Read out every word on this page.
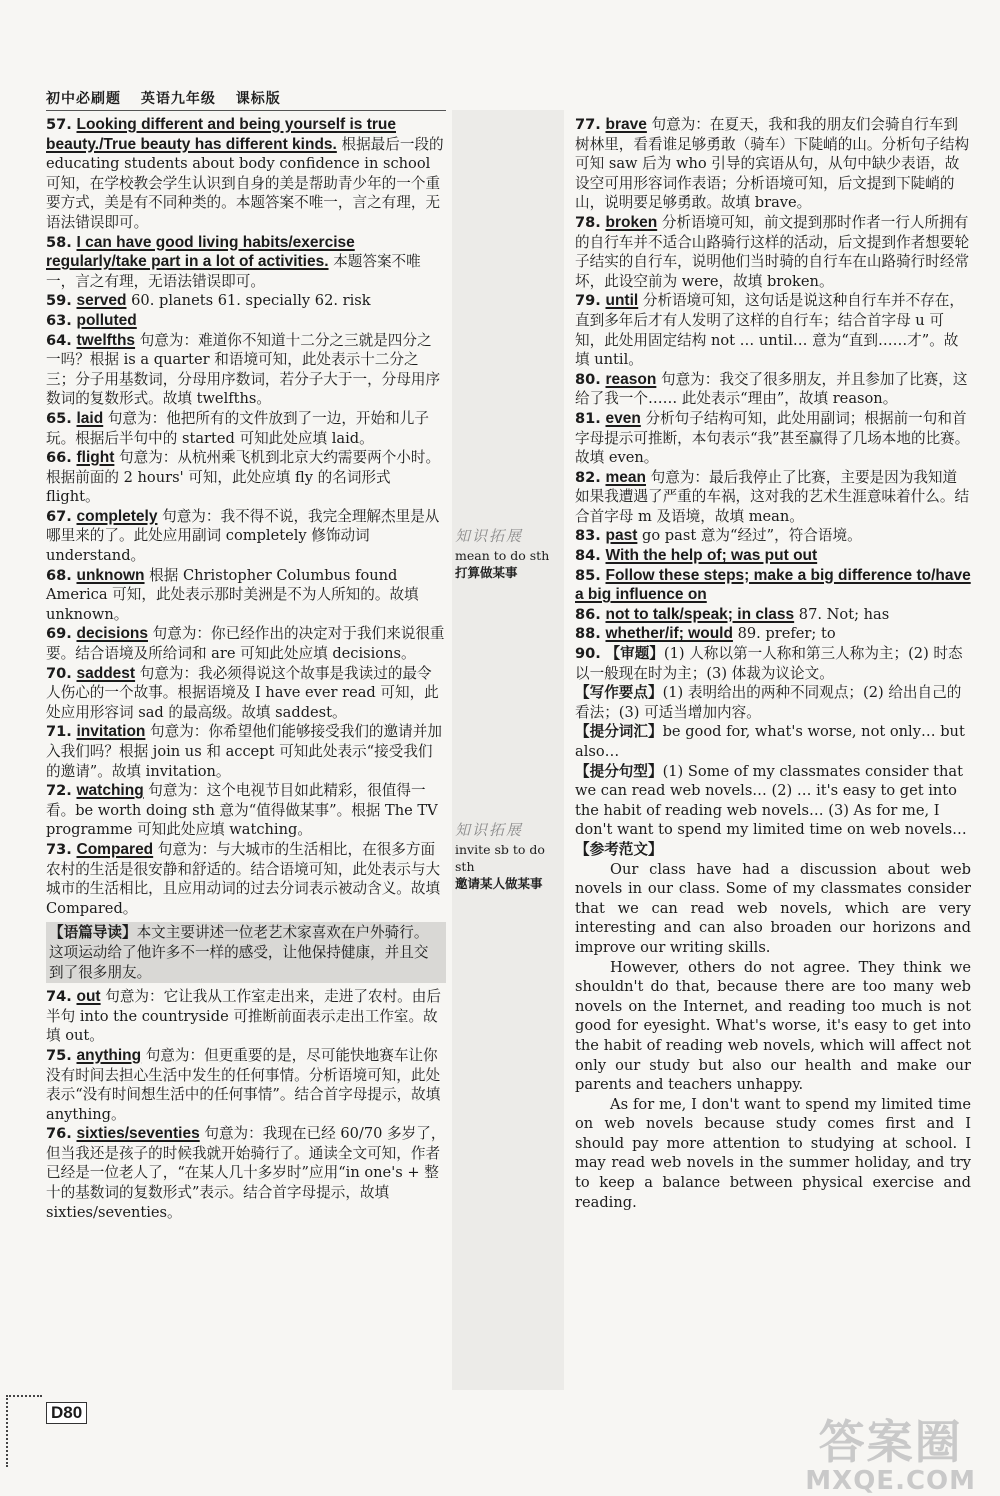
初中必刷题 英语九年级 课标版
知识拓展
mean to do sth
打算做某事
知识拓展
invite sb to do sth
邀请某人做某事
57. Looking different and being yourself is true beauty./True beauty has different kinds. 根据最后一段的 educating students about body confidence in school 可知，在学校教会学生认识到自身的美是帮助青少年的一个重要方式，美是有不同种类的。本题答案不唯一，言之有理，无语法错误即可。
58. I can have good living habits/exercise regularly/take part in a lot of activities. 本题答案不唯一，言之有理，无语法错误即可。
59. served 60. planets 61. specially 62. risk
63. polluted
64. twelfths 句意为：难道你不知道十二分之三就是四分之一吗？根据 is a quarter 和语境可知，此处表示十二分之三；分子用基数词，分母用序数词，若分子大于一，分母用序数词的复数形式。故填 twelfths。
65. laid 句意为：他把所有的文件放到了一边，开始和儿子玩。根据后半句中的 started 可知此处应填 laid。
66. flight 句意为：从杭州乘飞机到北京大约需要两个小时。根据前面的 2 hours' 可知，此处应填 fly 的名词形式 flight。
67. completely 句意为：我不得不说，我完全理解杰里是从哪里来的了。此处应用副词 completely 修饰动词 understand。
68. unknown 根据 Christopher Columbus found America 可知，此处表示那时美洲是不为人所知的。故填 unknown。
69. decisions 句意为：你已经作出的决定对于我们来说很重要。结合语境及所给词和 are 可知此处应填 decisions。
70. saddest 句意为：我必须得说这个故事是我读过的最令人伤心的一个故事。根据语境及 I have ever read 可知，此处应用形容词 sad 的最高级。故填 saddest。
71. invitation 句意为：你希望他们能够接受我们的邀请并加入我们吗？根据 join us 和 accept 可知此处表示“接受我们的邀请”。故填 invitation。
72. watching 句意为：这个电视节目如此精彩，很值得一看。be worth doing sth 意为“值得做某事”。根据 The TV programme 可知此处应填 watching。
73. Compared 句意为：与大城市的生活相比，在很多方面农村的生活是很安静和舒适的。结合语境可知，此处表示与大城市的生活相比，且应用动词的过去分词表示被动含义。故填 Compared。
【语篇导读】本文主要讲述一位老艺术家喜欢在户外骑行。这项运动给了他许多不一样的感受，让他保持健康，并且交到了很多朋友。
74. out 句意为：它让我从工作室走出来，走进了农村。由后半句 into the countryside 可推断前面表示走出工作室。故填 out。
75. anything 句意为：但更重要的是，尽可能快地赛车让你没有时间去担心生活中发生的任何事情。分析语境可知，此处表示“没有时间想生活中的任何事情”。结合首字母提示，故填 anything。
76. sixties/seventies 句意为：我现在已经 60/70 多岁了，但当我还是孩子的时候我就开始骑行了。通读全文可知，作者已经是一位老人了，“在某人几十多岁时”应用“in one's + 整十的基数词的复数形式”表示。结合首字母提示，故填 sixties/seventies。
77. brave 句意为：在夏天，我和我的朋友们会骑自行车到树林里，看看谁足够勇敢（骑车）下陡峭的山。分析句子结构可知 saw 后为 who 引导的宾语从句，从句中缺少表语，故设空可用形容词作表语；分析语境可知，后文提到下陡峭的山，说明要足够勇敢。故填 brave。
78. broken 分析语境可知，前文提到那时作者一行人所拥有的自行车并不适合山路骑行这样的活动，后文提到作者想要轮子结实的自行车，说明他们当时骑的自行车在山路骑行时经常坏，此设空前为 were，故填 broken。
79. until 分析语境可知，这句话是说这种自行车并不存在，直到多年后才有人发明了这样的自行车；结合首字母 u 可知，此处用固定结构 not … until… 意为“直到……才”。故填 until。
80. reason 句意为：我交了很多朋友，并且参加了比赛，这给了我一个…… 此处表示“理由”，故填 reason。
81. even 分析句子结构可知，此处用副词；根据前一句和首字母提示可推断，本句表示“我”甚至赢得了几场本地的比赛。故填 even。
82. mean 句意为：最后我停止了比赛，主要是因为我知道如果我遭遇了严重的车祸，这对我的艺术生涯意味着什么。结合首字母 m 及语境，故填 mean。
83. past go past 意为“经过”，符合语境。
84. With the help of; was put out
85. Follow these steps; make a big difference to/have a big influence on
86. not to talk/speak; in class 87. Not; has
88. whether/if; would 89. prefer; to
90. 【审题】(1) 人称以第一人称和第三人称为主；(2) 时态以一般现在时为主；(3) 体裁为议论文。
【写作要点】(1) 表明给出的两种不同观点；(2) 给出自己的看法；(3) 可适当增加内容。
【提分词汇】be good for, what's worse, not only… but also…
【提分句型】(1) Some of my classmates consider that we can read web novels… (2) … it's easy to get into the habit of reading web novels… (3) As for me, I don't want to spend my limited time on web novels…
【参考范文】

Our class have had a discussion about web novels in our class. Some of my classmates consider that we can read web novels, which are very interesting and can also broaden our horizons and improve our writing skills.

However, others do not agree. They think we shouldn't do that, because there are too many web novels on the Internet, and reading too much is not good for eyesight. What's worse, it's easy to get into the habit of reading web novels, which will affect not only our study but also our health and make our parents and teachers unhappy.

As for me, I don't want to spend my limited time on web novels because study comes first and I should pay more attention to studying at school. I may read web novels in the summer holiday, and try to keep a balance between physical exercise and reading.

D80
答案圈
MXQE.COM
